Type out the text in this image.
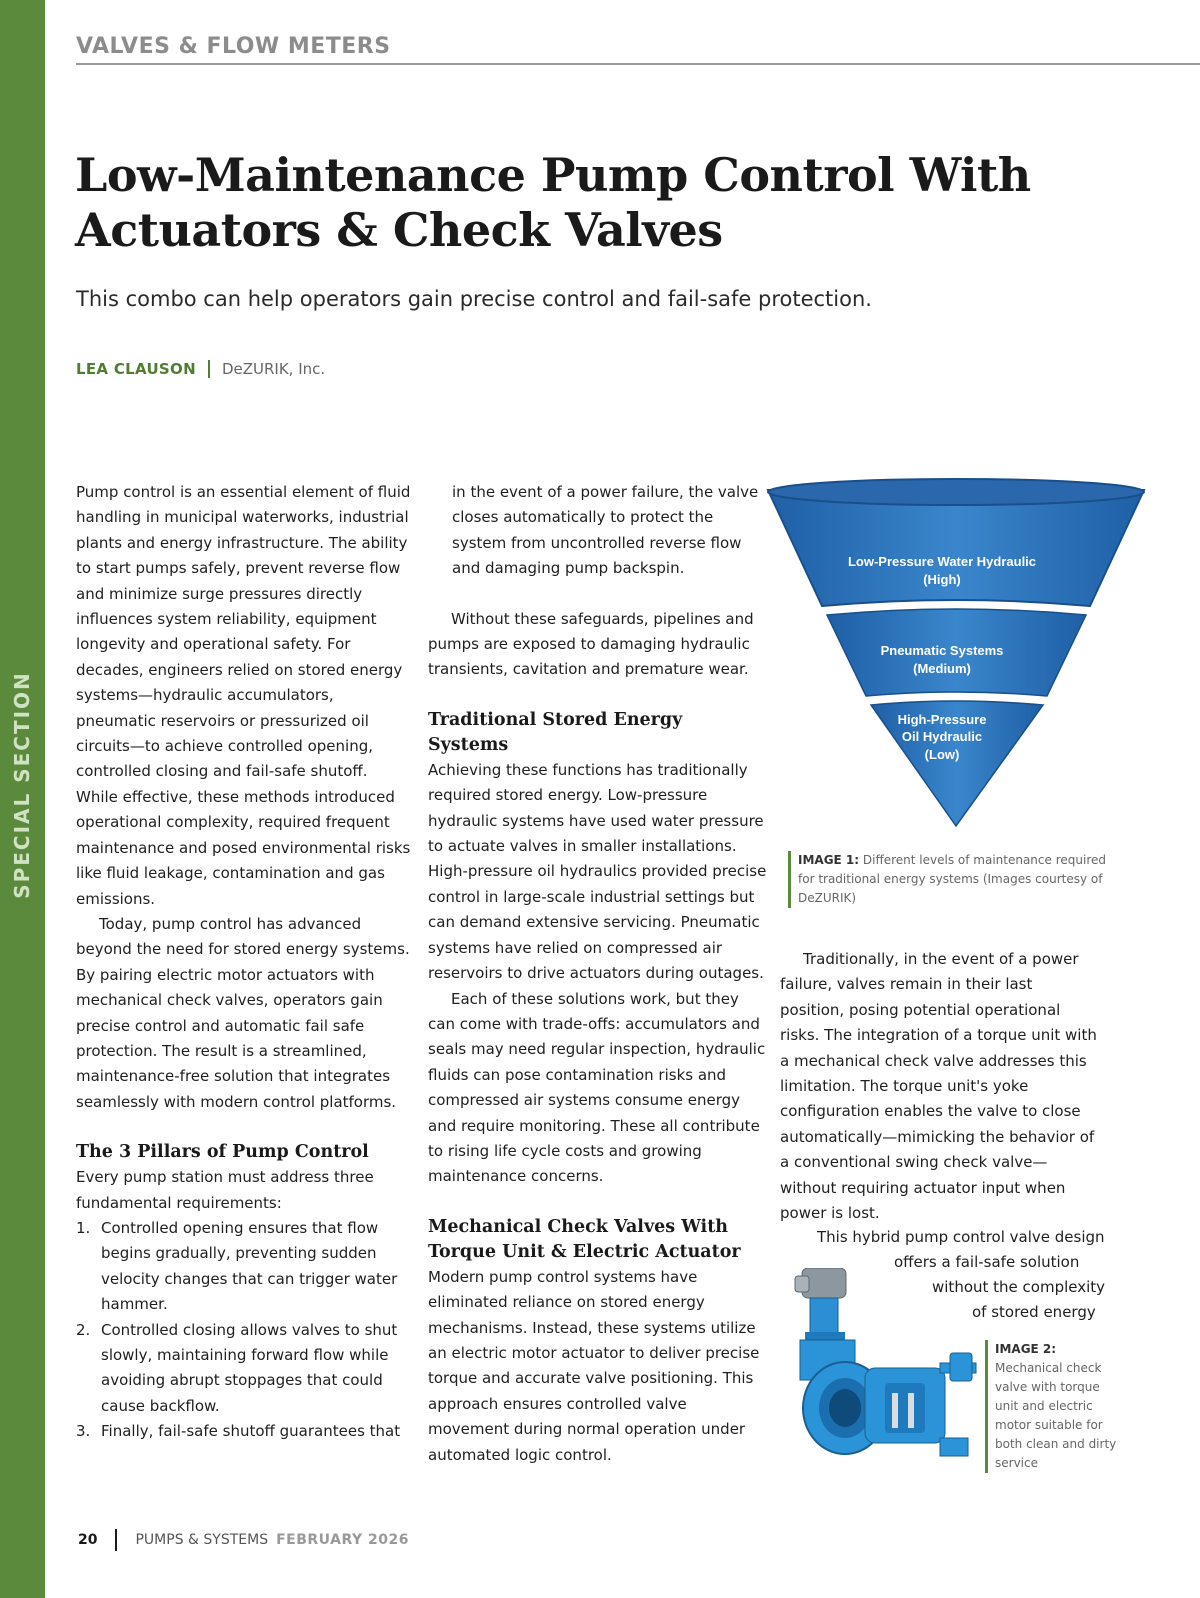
SPECIAL SECTION
VALVES & FLOW METERS
Low-Maintenance Pump Control With Actuators & Check Valves
This combo can help operators gain precise control and fail-safe protection.
LEA CLAUSON DeZURIK, Inc.

Pump control is an essential element of fluid handling in municipal waterworks, industrial plants and energy infrastructure. The ability to start pumps safely, prevent reverse flow and minimize surge pressures directly influences system reliability, equipment longevity and operational safety. For decades, engineers relied on stored energy systems—hydraulic accumulators, pneumatic reservoirs or pressurized oil circuits—to achieve controlled opening, controlled closing and fail-safe shutoff. While effective, these methods introduced operational complexity, required frequent maintenance and posed environmental risks like fluid leakage, contamination and gas emissions.

Today, pump control has advanced beyond the need for stored energy systems. By pairing electric motor actuators with mechanical check valves, operators gain precise control and automatic fail safe protection. The result is a streamlined, maintenance-free solution that integrates seamlessly with modern control platforms.

The 3 Pillars of Pump Control

Every pump station must address three fundamental requirements:

1. Controlled opening ensures that flow begins gradually, preventing sudden velocity changes that can trigger water hammer.
2. Controlled closing allows valves to shut slowly, maintaining forward flow while avoiding abrupt stoppages that could cause backflow.
3. Finally, fail-safe shutoff guarantees that

in the event of a power failure, the valve closes automatically to protect the system from uncontrolled reverse flow and damaging pump backspin.

Without these safeguards, pipelines and pumps are exposed to damaging hydraulic transients, cavitation and premature wear.

Traditional Stored Energy Systems

Achieving these functions has traditionally required stored energy. Low-pressure hydraulic systems have used water pressure to actuate valves in smaller installations. High-pressure oil hydraulics provided precise control in large-scale industrial settings but can demand extensive servicing. Pneumatic systems have relied on compressed air reservoirs to drive actuators during outages.

Each of these solutions work, but they can come with trade-offs: accumulators and seals may need regular inspection, hydraulic fluids can pose contamination risks and compressed air systems consume energy and require monitoring. These all contribute to rising life cycle costs and growing maintenance concerns.

Mechanical Check Valves With Torque Unit & Electric Actuator

Modern pump control systems have eliminated reliance on stored energy mechanisms. Instead, these systems utilize an electric motor actuator to deliver precise torque and accurate valve positioning. This approach ensures controlled valve movement during normal operation under automated logic control.

Low-Pressure Water Hydraulic
(High)
Pneumatic Systems
(Medium)
High-Pressure
Oil Hydraulic
(Low)
IMAGE 1: Different levels of maintenance required for traditional energy systems (Images courtesy of DeZURIK)

Traditionally, in the event of a power failure, valves remain in their last position, posing potential operational risks. The integration of a torque unit with a mechanical check valve addresses this limitation. The torque unit's yoke configuration enables the valve to close automatically—mimicking the behavior of a conventional swing check valve—without requiring actuator input when power is lost.

This hybrid pump control valve design
offers a fail-safe solution
without the complexity
of stored energy
IMAGE 2:
Mechanical check valve with torque unit and electric motor suitable for both clean and dirty service
20	PUMPS & SYSTEMS FEBRUARY 2026
